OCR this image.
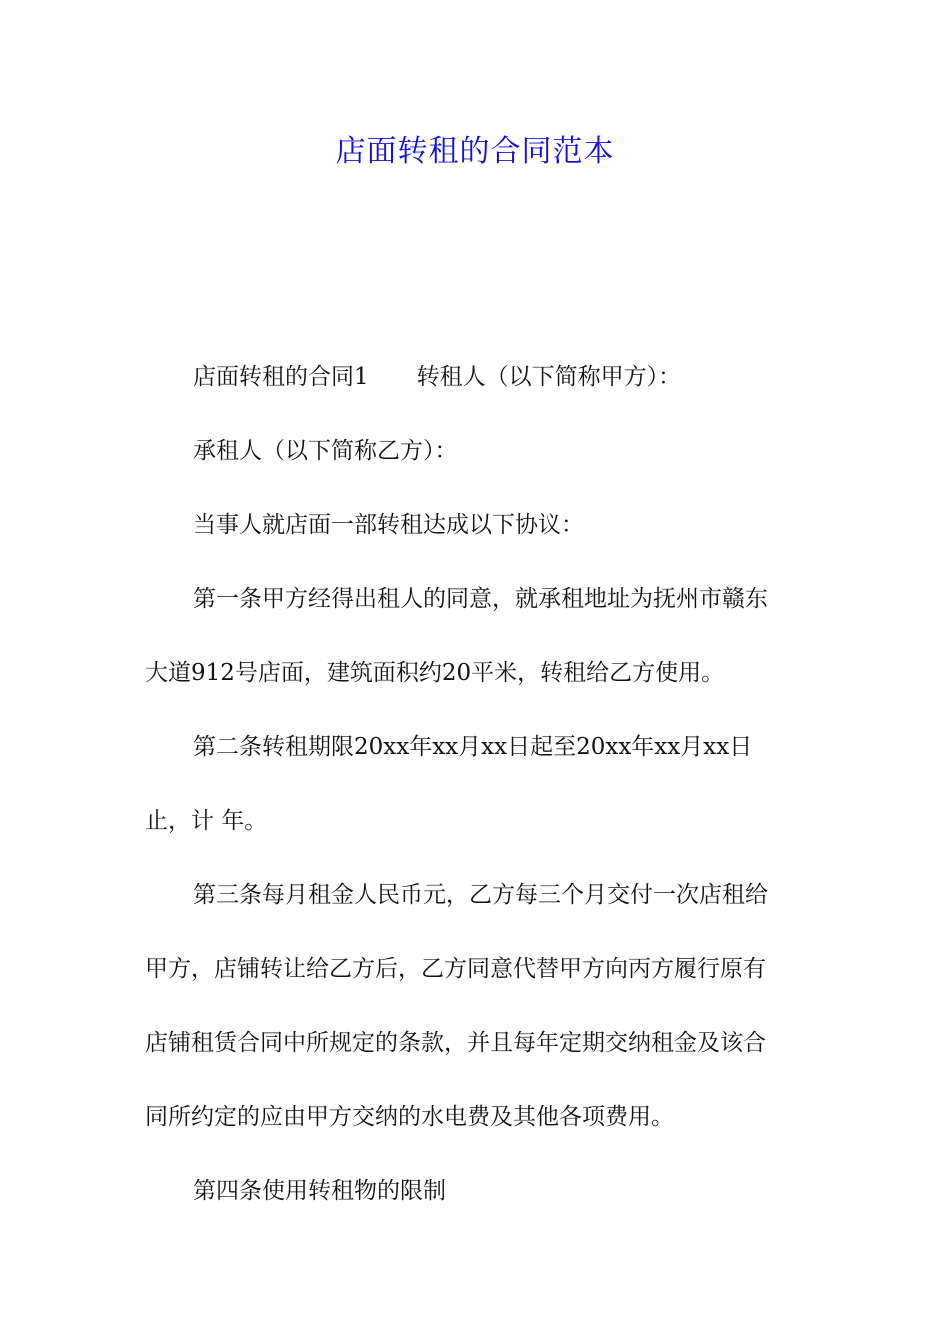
店面转租的合同范本

店面转租的合同1 转租人（以下简称甲方）：

承租人（以下简称乙方）：

当事人就店面一部转租达成以下协议：

第一条甲方经得出租人的同意，就承租地址为抚州市赣东
大道912号店面，建筑面积约20平米，转租给乙方使用。

第二条转租期限20xx年xx月xx日起至20xx年xx月xx日
止，计 年。

第三条每月租金人民币元，乙方每三个月交付一次店租给
甲方，店铺转让给乙方后，乙方同意代替甲方向丙方履行原有
店铺租赁合同中所规定的条款，并且每年定期交纳租金及该合
同所约定的应由甲方交纳的水电费及其他各项费用。

第四条使用转租物的限制
